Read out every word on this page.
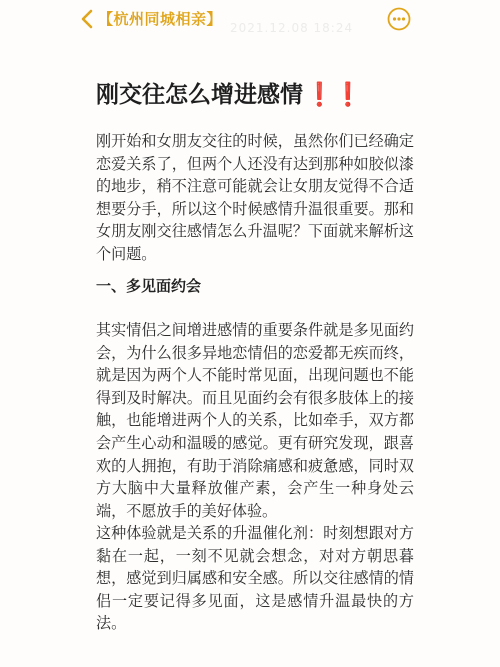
【杭州同城相亲】 2021.12.08 18:24
刚交往怎么增进感情❗❗

刚开始和女朋友交往的时候，虽然你们已经确定恋爱关系了，但两个人还没有达到那种如胶似漆的地步，稍不注意可能就会让女朋友觉得不合适想要分手，所以这个时候感情升温很重要。那和女朋友刚交往感情怎么升温呢？下面就来解析这个问题。

一、多见面约会

其实情侣之间增进感情的重要条件就是多见面约会，为什么很多异地恋情侣的恋爱都无疾而终，就是因为两个人不能时常见面，出现问题也不能得到及时解决。而且见面约会有很多肢体上的接触，也能增进两个人的关系，比如牵手，双方都会产生心动和温暖的感觉。更有研究发现，跟喜欢的人拥抱，有助于消除痛感和疲惫感，同时双方大脑中大量释放催产素，会产生一种身处云端，不愿放手的美好体验。

这种体验就是关系的升温催化剂：时刻想跟对方黏在一起，一刻不见就会想念，对对方朝思暮想，感觉到归属感和安全感。所以交往感情的情侣一定要记得多见面，这是感情升温最快的方法。
